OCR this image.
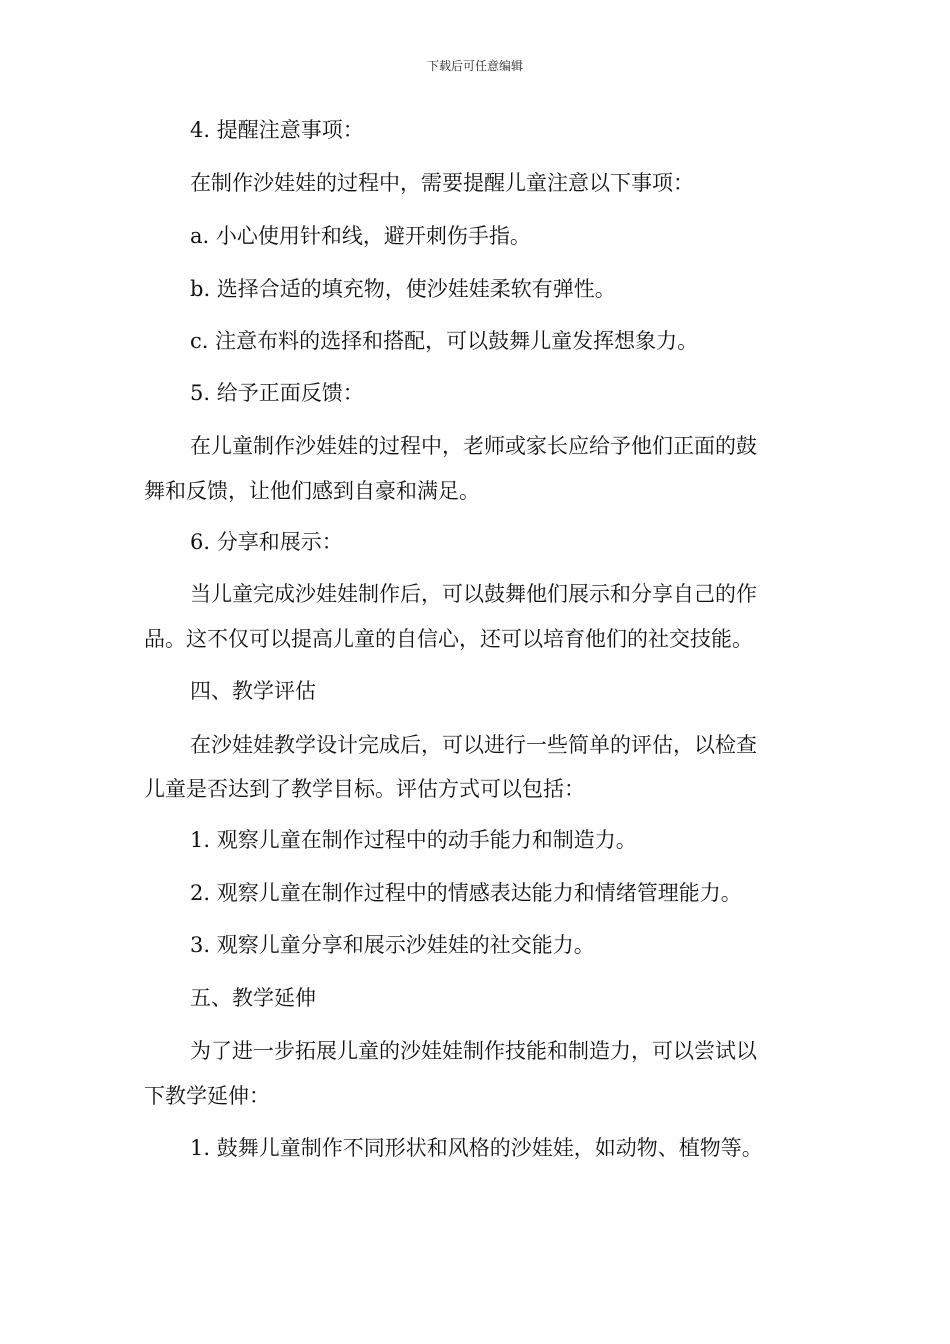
下载后可任意编辑

4. 提醒注意事项：

在制作沙娃娃的过程中，需要提醒儿童注意以下事项：

a. 小心使用针和线，避开刺伤手指。

b. 选择合适的填充物，使沙娃娃柔软有弹性。

c. 注意布料的选择和搭配，可以鼓舞儿童发挥想象力。

5. 给予正面反馈：

在儿童制作沙娃娃的过程中，老师或家长应给予他们正面的鼓

舞和反馈，让他们感到自豪和满足。

6. 分享和展示：

当儿童完成沙娃娃制作后，可以鼓舞他们展示和分享自己的作

品。这不仅可以提高儿童的自信心，还可以培育他们的社交技能。

四、教学评估

在沙娃娃教学设计完成后，可以进行一些简单的评估，以检查

儿童是否达到了教学目标。评估方式可以包括：

1. 观察儿童在制作过程中的动手能力和制造力。

2. 观察儿童在制作过程中的情感表达能力和情绪管理能力。

3. 观察儿童分享和展示沙娃娃的社交能力。

五、教学延伸

为了进一步拓展儿童的沙娃娃制作技能和制造力，可以尝试以

下教学延伸：

1. 鼓舞儿童制作不同形状和风格的沙娃娃，如动物、植物等。
